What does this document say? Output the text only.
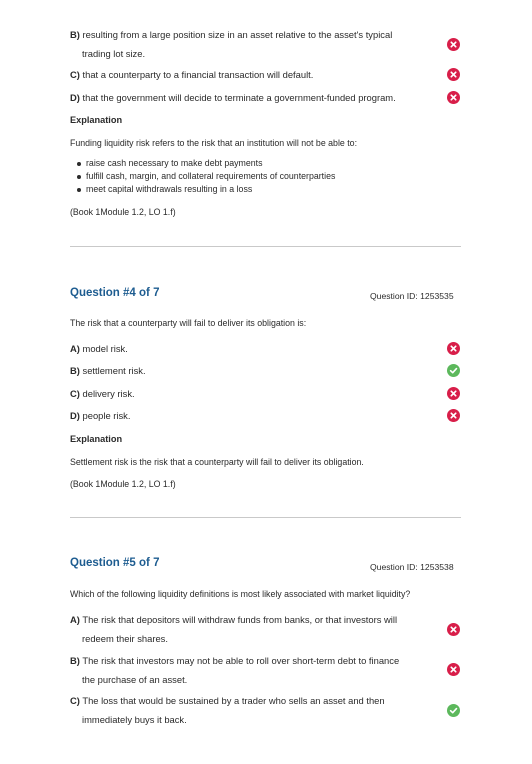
B) resulting from a large position size in an asset relative to the asset's typical
trading lot size.
C) that a counterparty to a financial transaction will default.
D) that the government will decide to terminate a government-funded program.
Explanation
Funding liquidity risk refers to the risk that an institution will not be able to:
raise cash necessary to make debt payments
fulfill cash, margin, and collateral requirements of counterparties
meet capital withdrawals resulting in a loss
(Book 1Module 1.2, LO 1.f)
Question #4 of 7	Question ID: 1253535
The risk that a counterparty will fail to deliver its obligation is:
A) model risk.
B) settlement risk.
C) delivery risk.
D) people risk.
Explanation
Settlement risk is the risk that a counterparty will fail to deliver its obligation.
(Book 1Module 1.2, LO 1.f)
Question #5 of 7	Question ID: 1253538
Which of the following liquidity definitions is most likely associated with market liquidity?
A) The risk that depositors will withdraw funds from banks, or that investors will
redeem their shares.
B) The risk that investors may not be able to roll over short-term debt to finance
the purchase of an asset.
C) The loss that would be sustained by a trader who sells an asset and then
immediately buys it back.
